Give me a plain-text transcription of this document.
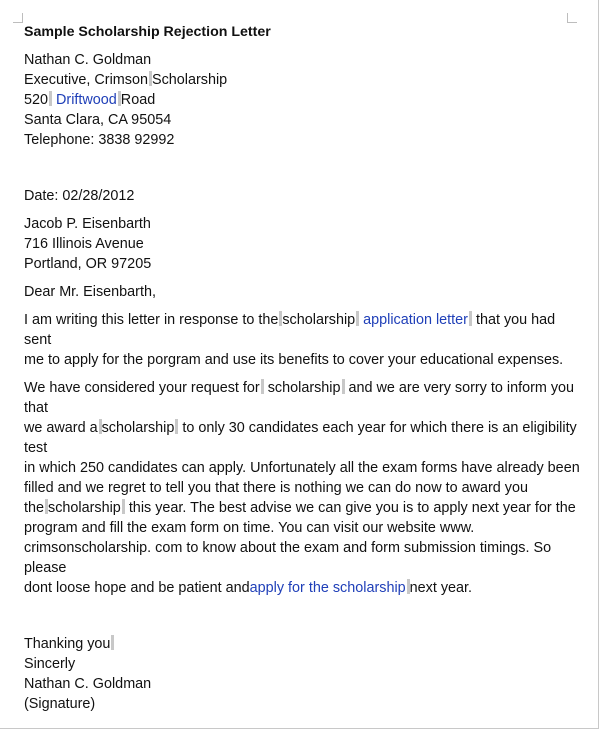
Sample Scholarship Rejection Letter

Nathan C. Goldman

Executive, Crimson Scholarship

520 Driftwood Road

Santa Clara, CA 95054

Telephone: 3838 92992

Date: 02/28/2012

Jacob P. Eisenbarth

716 Illinois Avenue

Portland, OR 97205

Dear Mr. Eisenbarth,

I am writing this letter in response to the scholarship application letter that you had sent
me to apply for the porgram and use its benefits to cover your educational expenses.

We have considered your request for scholarship and we are very sorry to inform you that
we award a scholarship to only 30 candidates each year for which there is an eligibility test
in which 250 candidates can apply. Unfortunately all the exam forms have already been
filled and we regret to tell you that there is nothing we can do now to award you
the scholarship this year. The best advise we can give you is to apply next year for the
program and fill the exam form on time. You can visit our website www.
crimsonscholarship. com to know about the exam and form submission timings. So please
dont loose hope and be patient andapply for the scholarship next year.

Thanking you

Sincerly

Nathan C. Goldman

(Signature)
